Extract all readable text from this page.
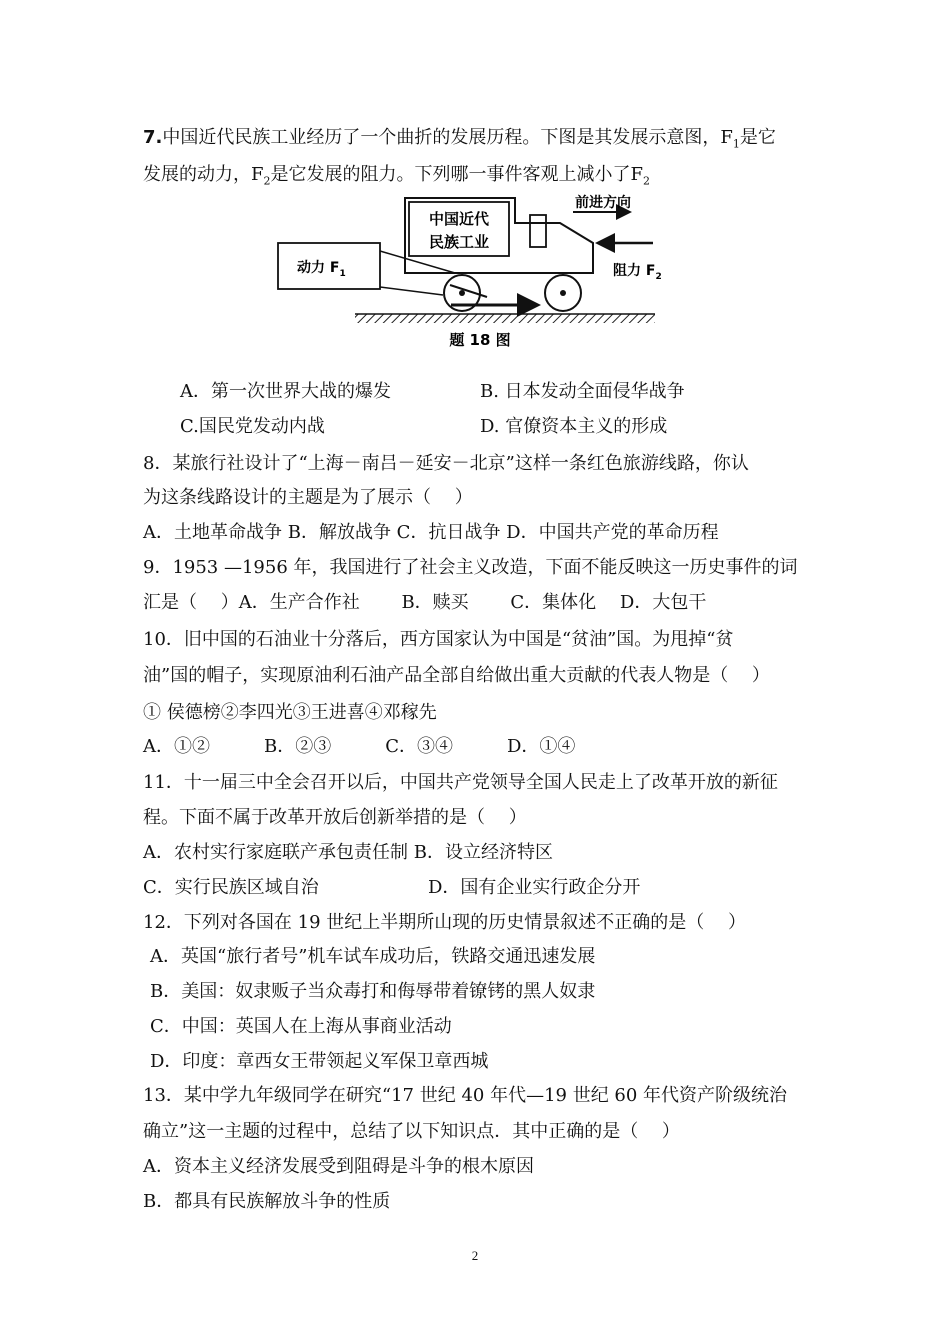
7.中国近代民族工业经历了一个曲折的发展历程。下图是其发展示意图，$F_1$是它
发展的动力，$F_2$是它发展的阻力。下列哪一事件客观上减小了$F_2$
中国近代
民族工业
前进方向
阻力 $F_2$
动力 $F_1$
题 18 图
A．第一次世界大战的爆发	B. 日本发动全面侵华战争
C.国民党发动内战	D. 官僚资本主义的形成
8．某旅行社设计了“上海－南吕－延安－北京”这样一条红色旅游线路，你认
为这条线路设计的主题是为了展示（　 ）
A．土地革命战争 B．解放战争 C．抗日战争 D．中国共产党的革命历程
9．1953 —1956 年，我国进行了社会主义改造，下面不能反映这一历史事件的词
汇是（　 ）A．生产合作社　　 B．赎买　　 C．集体化　 D．大包干
10．旧中国的石油业十分落后，西方国家认为中国是“贫油”国。为甩掉“贫
油”国的帽子，实现原油利石油产品全部自给做出重大贡献的代表人物是（　 ）
① 侯德榜②李四光③王进喜④邓稼先
A．①②　　　B．②③　　　C．③④　　　D．①④
11．十一届三中全会召开以后，中国共产党领导全国人民走上了改革开放的新征
程。下面不属于改革开放后创新举措的是（　 ）
A．农村实行家庭联产承包责任制 B．设立经济特区
C．实行民族区域自治	D．国有企业实行政企分开
12．下列对各国在 19 世纪上半期所山现的历史情景叙述不正确的是（　 ）
A．英国“旅行者号”机车试车成功后，铁路交通迅速发展
B．美国：奴隶贩子当众毒打和侮辱带着镣铐的黑人奴隶
C．中国：英国人在上海从事商业活动
D．印度：章西女王带领起义军保卫章西城
13．某中学九年级同学在研究“17 世纪 40 年代—19 世纪 60 年代资产阶级统治
确立”这一主题的过程中，总结了以下知识点．其中正确的是（　 ）
A．资本主义经济发展受到阻碍是斗争的根木原因
B．都具有民族解放斗争的性质
2
